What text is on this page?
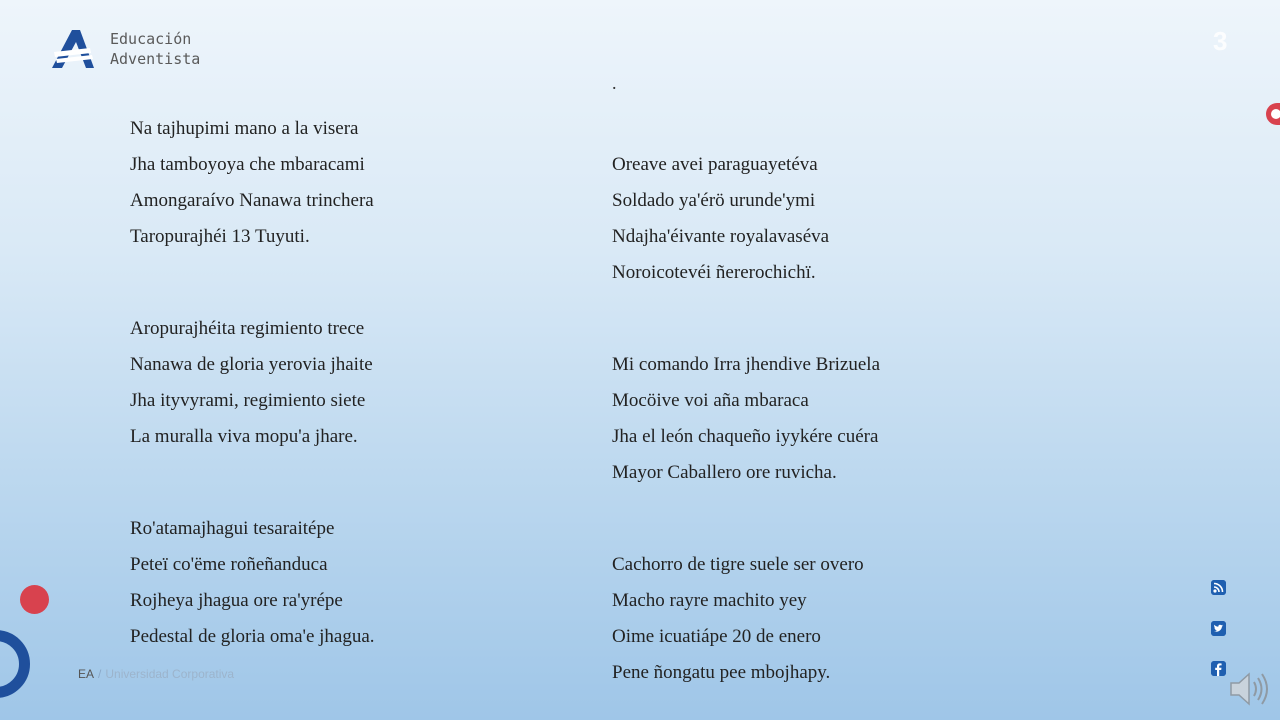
Educación
Adventista
3
.
Na tajhupimi mano a la visera
Jha tamboyoya che mbaracami
Amongaraívo Nanawa trinchera
Taropurajhéi 13 Tuyuti.
Aropurajhéita regimiento trece
Nanawa de gloria yerovia jhaite
Jha ityvyrami, regimiento siete
La muralla viva mopu'a jhare.
Ro'atamajhagui tesaraitépe
Peteï co'ëme roñeñanduca
Rojheya jhagua ore ra'yrépe
Pedestal de gloria oma'e jhagua.
Oreave avei paraguayetéva
Soldado ya'érö urunde'ymi
Ndajha'éivante royalavaséva
Noroicotevéi ñererochichï.
Mi comando Irra jhendive Brizuela
Mocöive voi aña mbaraca
Jha el león chaqueño iyykére cuéra
Mayor Caballero ore ruvicha.
Cachorro de tigre suele ser overo
Macho rayre machito yey
Oime icuatiápe 20 de enero
Pene ñongatu pee mbojhapy.
EA / Universidad Corporativa
